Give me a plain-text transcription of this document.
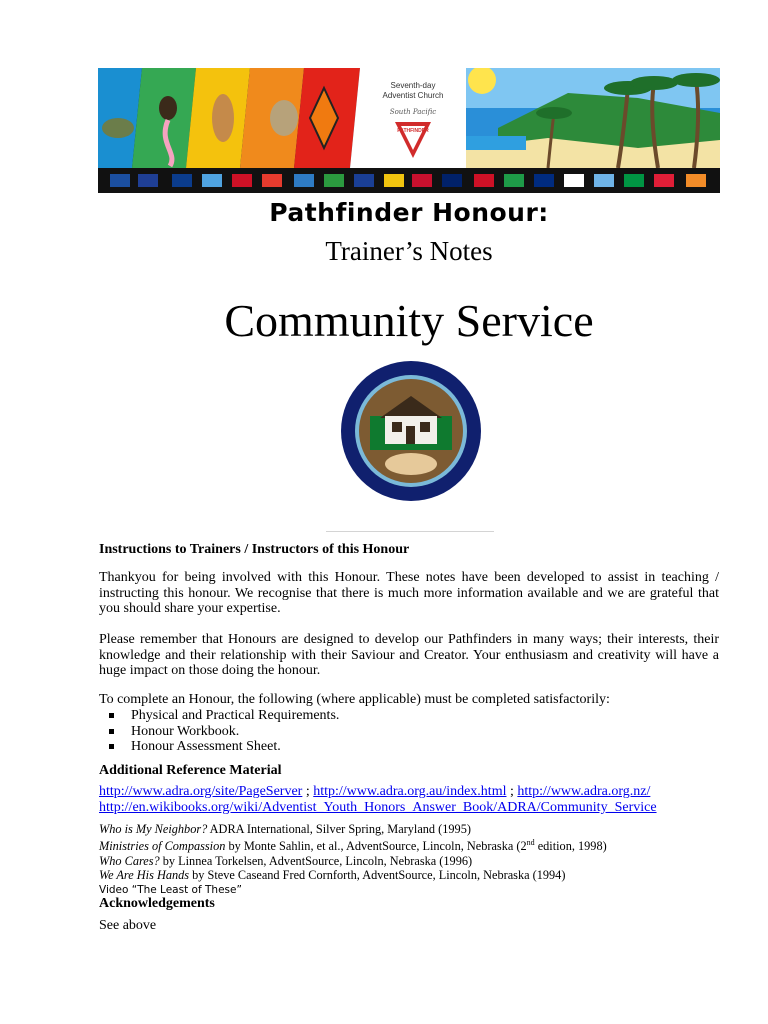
Seventh-day
Adventist Church
South Pacific
PATHFINDER
Pathfinder Honour:
Trainer’s Notes
Community Service
Instructions to Trainers / Instructors of this Honour
Thankyou for being involved with this Honour. These notes have been developed to assist in teaching / instructing this honour. We recognise that there is much more information available and we are grateful that you should share your expertise.
Please remember that Honours are designed to develop our Pathfinders in many ways; their interests, their knowledge and their relationship with their Saviour and Creator. Your enthusiasm and creativity will have a huge impact on those doing the honour.
To complete an Honour, the following (where applicable) must be completed satisfactorily:
Physical and Practical Requirements.
Honour Workbook.
Honour Assessment Sheet.
Additional Reference Material
http://www.adra.org/site/PageServer ; http://www.adra.org.au/index.html ; http://www.adra.org.nz/
http://en.wikibooks.org/wiki/Adventist_Youth_Honors_Answer_Book/ADRA/Community_Service
Who is My Neighbor? ADRA International, Silver Spring, Maryland (1995)
Ministries of Compassion by Monte Sahlin, et al., AdventSource, Lincoln, Nebraska (2nd edition, 1998)
Who Cares? by Linnea Torkelsen, AdventSource, Lincoln, Nebraska (1996)
We Are His Hands by Steve Caseand Fred Cornforth, AdventSource, Lincoln, Nebraska (1994)
Video “The Least of These”
Acknowledgements
See above
